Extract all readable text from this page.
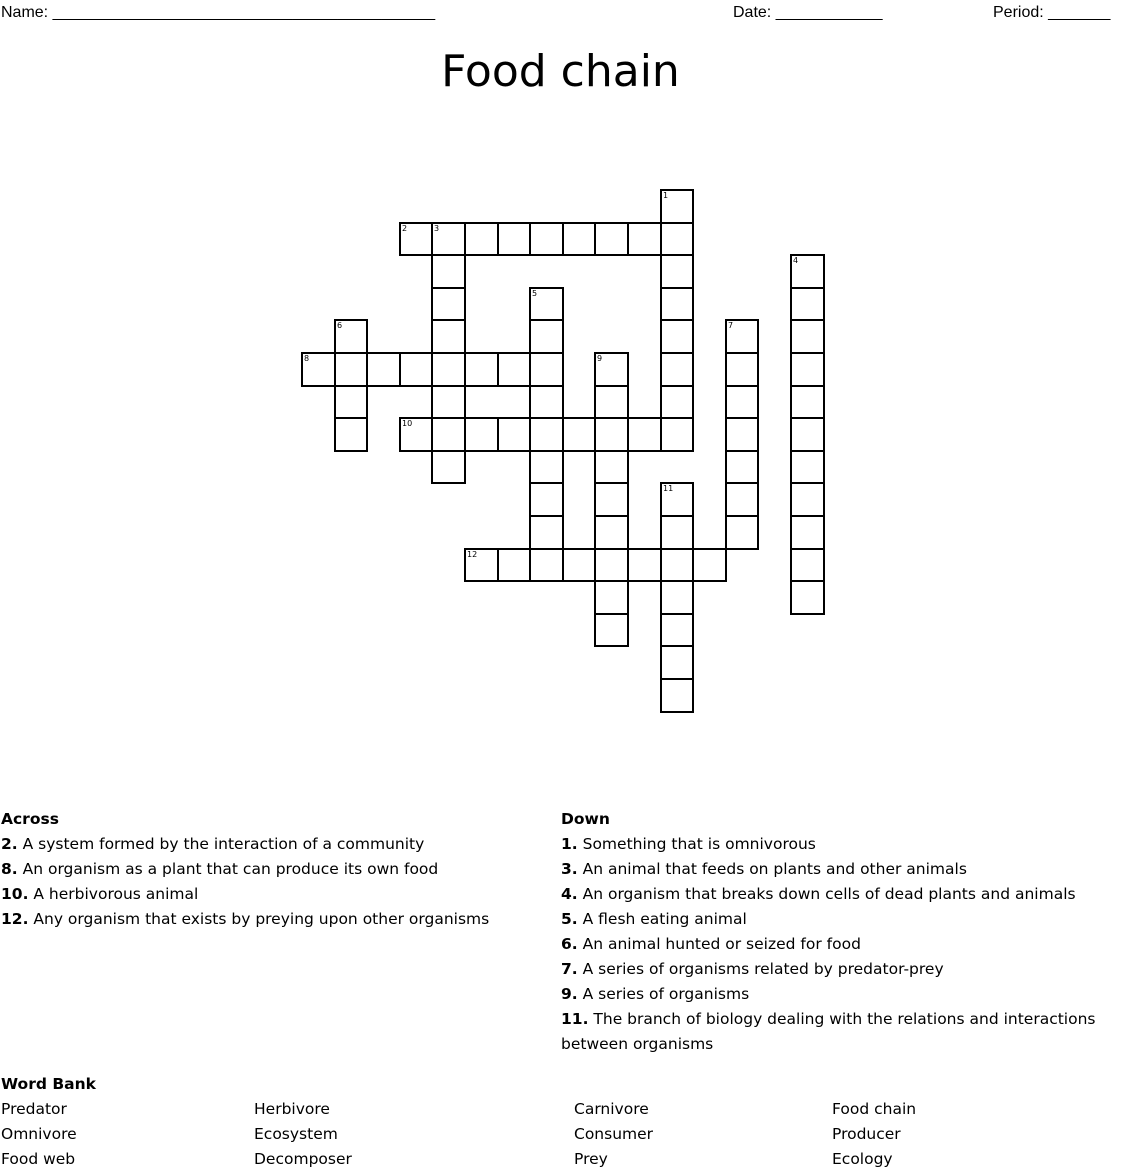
Name: ___________________________________________	Date: ____________	Period: _______
Food chain
1
2	3
4
5
6	7
8	9
10
11
12
Across
2. A system formed by the interaction of a community
8. An organism as a plant that can produce its own food
10. A herbivorous animal
12. Any organism that exists by preying upon other organisms
Down
1. Something that is omnivorous
3. An animal that feeds on plants and other animals
4. An organism that breaks down cells of dead plants and animals
5. A flesh eating animal
6. An animal hunted or seized for food
7. A series of organisms related by predator-prey
9. A series of organisms
11. The branch of biology dealing with the relations and interactions between organisms
Word Bank
Predator	Herbivore	Carnivore	Food chain
Omnivore	Ecosystem	Consumer	Producer
Food web	Decomposer	Prey	Ecology
